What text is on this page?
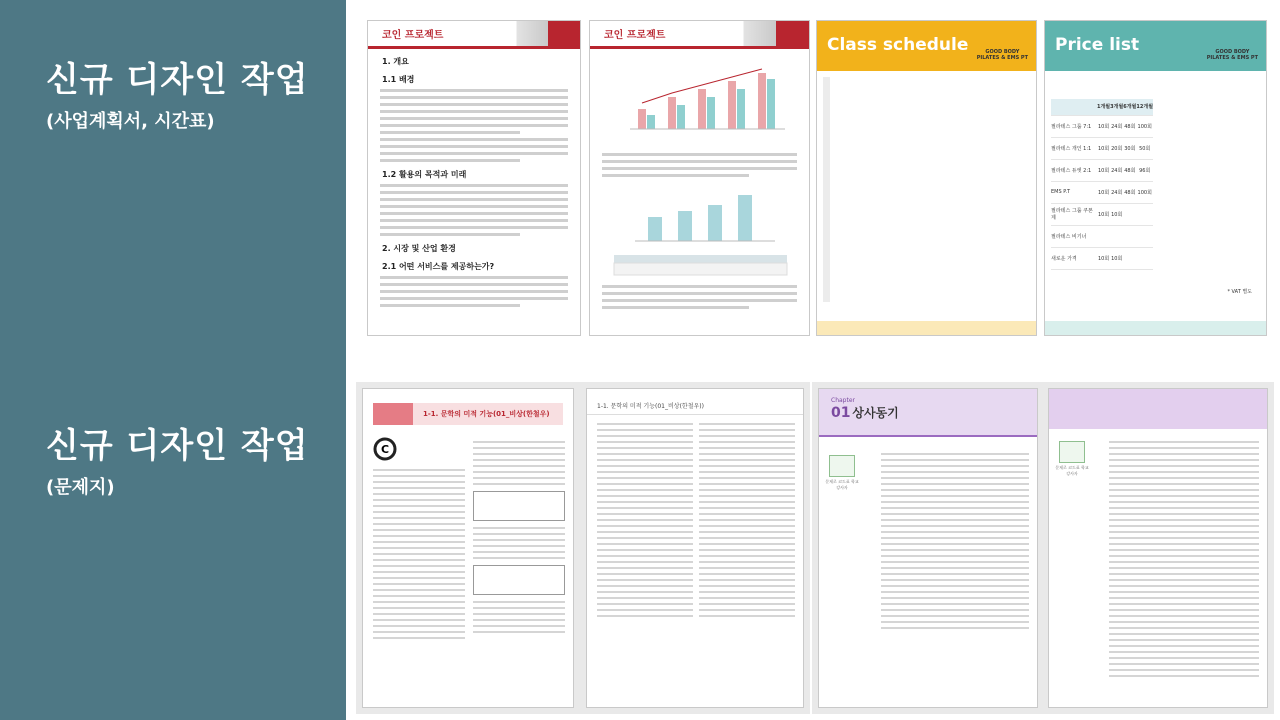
신규 디자인 작업
(사업계획서, 시간표)
신규 디자인 작업
(문제지)
코인 프로젝트
1. 개요
1.1 배경
1.2 활용의 목적과 미래
2. 시장 및 산업 환경
2.1 어떤 서비스를 제공하는가?
코인 프로젝트	Class schedule	GOOD BODY
PILATES & EMS PT

Price list	GOOD BODY
PILATES & EMS PT
	1개월	3개월	6개월	12개월
필라테스 그룹 7:1	10회	24회	48회	100회
필라테스 개인 1:1	10회	20회	30회	50회
필라테스 듀엣 2:1	10회	24회	48회	96회
EMS P.T	10회	24회	48회	100회
필라테스 그룹 쿠폰제	10회	10회		
필라테스 비기너				
새로운 가격	10회	10회		
* VAT 별도
1-1. 문학의 미적 기능(01_비상(한철우)
C
1-1. 문학의 미적 기능(01_비상(한철우))
Chapter
01 상사동기
문제로 코드표 학교 강사자
문제로 코드표 학교 강사자
